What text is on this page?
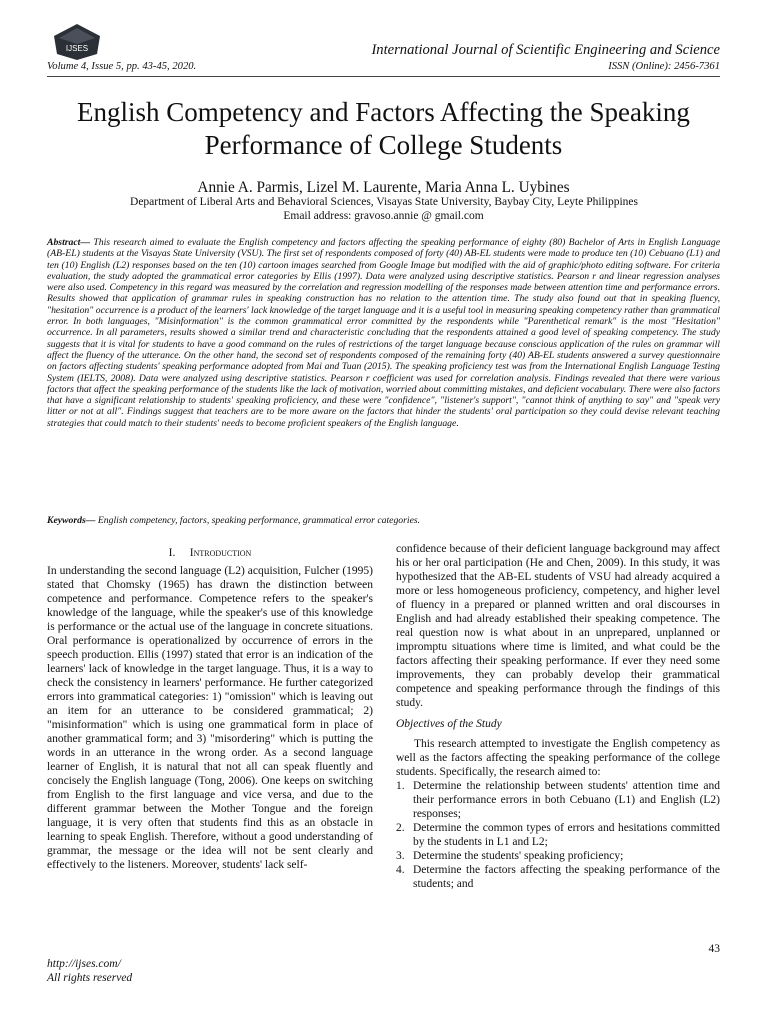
IJSES	International Journal of Scientific Engineering and Science
Volume 4, Issue 5, pp. 43-45, 2020.	ISSN (Online): 2456-7361
English Competency and Factors Affecting the Speaking Performance of College Students
Annie A. Parmis, Lizel M. Laurente, Maria Anna L. Uybines
Department of Liberal Arts and Behavioral Sciences, Visayas State University, Baybay City, Leyte Philippines
Email address: gravoso.annie @ gmail.com
Abstract— This research aimed to evaluate the English competency and factors affecting the speaking performance of eighty (80) Bachelor of Arts in English Language (AB-EL) students at the Visayas State University (VSU). The first set of respondents composed of forty (40) AB-EL students were made to produce ten (10) Cebuano (L1) and ten (10) English (L2) responses based on the ten (10) cartoon images searched from Google Image but modified with the aid of graphic/photo editing software. For criteria evaluation, the study adopted the grammatical error categories by Ellis (1997). Data were analyzed using descriptive statistics. Pearson r and linear regression analyses were also used. Competency in this regard was measured by the correlation and regression modelling of the responses made between attention time and performance errors. Results showed that application of grammar rules in speaking construction has no relation to the attention time. The study also found out that in speaking fluency, "hesitation" occurrence is a product of the learners' lack knowledge of the target language and it is a useful tool in measuring speaking competency rather than grammatical error. In both languages, "Misinformation" is the common grammatical error committed by the respondents while "Parenthetical remark" is the most "Hesitation" occurrence. In all parameters, results showed a similar trend and characteristic concluding that the respondents attained a good level of speaking competency. The study suggests that it is vital for students to have a good command on the rules of restrictions of the target language because conscious application of the rules on grammar will affect the fluency of the utterance. On the other hand, the second set of respondents composed of the remaining forty (40) AB-EL students answered a survey questionnaire on factors affecting students' speaking performance adopted from Mai and Tuan (2015). The speaking proficiency test was from the International English Language Testing System (IELTS, 2008). Data were analyzed using descriptive statistics. Pearson r coefficient was used for correlation analysis. Findings revealed that there were various factors that affect the speaking performance of the students like the lack of motivation, worried about committing mistakes, and deficient vocabulary. There were also factors that have a significant relationship to students' speaking proficiency, and these were "confidence", "listener's support", "cannot think of anything to say" and "speak very litter or not at all". Findings suggest that teachers are to be more aware on the factors that hinder the students' oral participation so they could devise relevant teaching strategies that could match to their students' needs to become proficient speakers of the English language.
Keywords— English competency, factors, speaking performance, grammatical error categories.
I. Introduction

In understanding the second language (L2) acquisition, Fulcher (1995) stated that Chomsky (1965) has drawn the distinction between competence and performance. Competence refers to the speaker's knowledge of the language, while the speaker's use of this knowledge is performance or the actual use of the language in concrete situations. Oral performance is operationalized by occurrence of errors in the speech production. Ellis (1997) stated that error is an indication of the learners' lack of knowledge in the target language. Thus, it is a way to check the consistency in learners' performance. He further categorized errors into grammatical categories: 1) "omission" which is leaving out an item for an utterance to be considered grammatical; 2) "misinformation" which is using one grammatical form in place of another grammatical form; and 3) "misordering" which is putting the words in an utterance in the wrong order. As a second language learner of English, it is natural that not all can speak fluently and concisely the English language (Tong, 2006). One keeps on switching from English to the first language and vice versa, and due to the different grammar between the Mother Tongue and the foreign language, it is very often that students find this as an obstacle in learning to speak English. Therefore, without a good understanding of grammar, the message or the idea will not be sent clearly and effectively to the listeners. Moreover, students' lack self-

confidence because of their deficient language background may affect his or her oral participation (He and Chen, 2009). In this study, it was hypothesized that the AB-EL students of VSU had already acquired a more or less homogeneous proficiency, competency, and higher level of fluency in a prepared or planned written and oral discourses in English and had already established their speaking competence. The real question now is what about in an unprepared, unplanned or impromptu situations where time is limited, and what could be the factors affecting their speaking performance. If ever they need some improvements, they can probably develop their grammatical competence and speaking performance through the findings of this study.

Objectives of the Study

This research attempted to investigate the English competency as well as the factors affecting the speaking performance of the college students. Specifically, the research aimed to:

1. Determine the relationship between students' attention time and their performance errors in both Cebuano (L1) and English (L2) responses;
2. Determine the common types of errors and hesitations committed by the students in L1 and L2;
3. Determine the students' speaking proficiency;
4. Determine the factors affecting the speaking performance of the students; and
43
http://ijses.com/
All rights reserved
